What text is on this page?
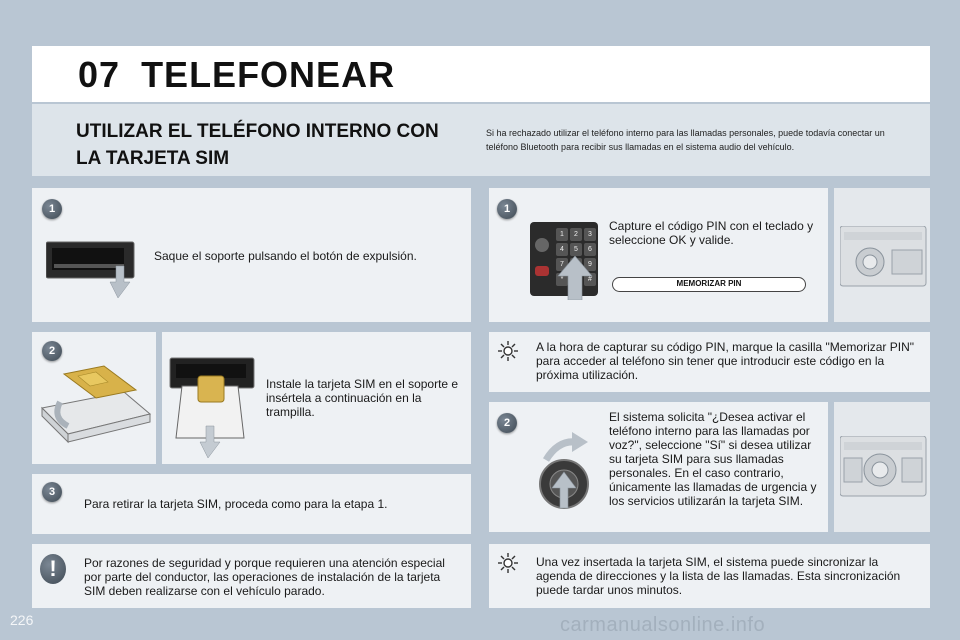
07 TELEFONEAR
UTILIZAR EL TELÉFONO INTERNO CON LA TARJETA SIM
Si ha rechazado utilizar el teléfono interno para las llamadas personales, puede todavía conectar un teléfono Bluetooth para recibir sus llamadas en el sistema audio del vehículo.
1
Saque el soporte pulsando el botón de expulsión.
2
Instale la tarjeta SIM en el soporte e insértela a continuación en la trampilla.
3
Para retirar la tarjeta SIM, proceda como para la etapa 1.
!	Por razones de seguridad y porque requieren una atención especial por parte del conductor, las operaciones de instalación de la tarjeta SIM deben realizarse con el vehículo parado.
1
1	2	3
4	5	6
7	9
*	#
Capture el código PIN con el teclado y seleccione OK y valide.
MEMORIZAR PIN
A la hora de capturar su código PIN, marque la casilla "Memorizar PIN" para acceder al teléfono sin tener que introducir este código en la próxima utilización.
2	El sistema solicita "¿Desea activar el teléfono interno para las llamadas por voz?", seleccione "Sí" si desea utilizar su tarjeta SIM para sus llamadas personales. En el caso contrario, únicamente las llamadas de urgencia y los servicios utilizarán la tarjeta SIM.
Una vez insertada la tarjeta SIM, el sistema puede sincronizar la agenda de direcciones y la lista de las llamadas. Esta sincronización puede tardar unos minutos.
226	carmanualsonline.info
